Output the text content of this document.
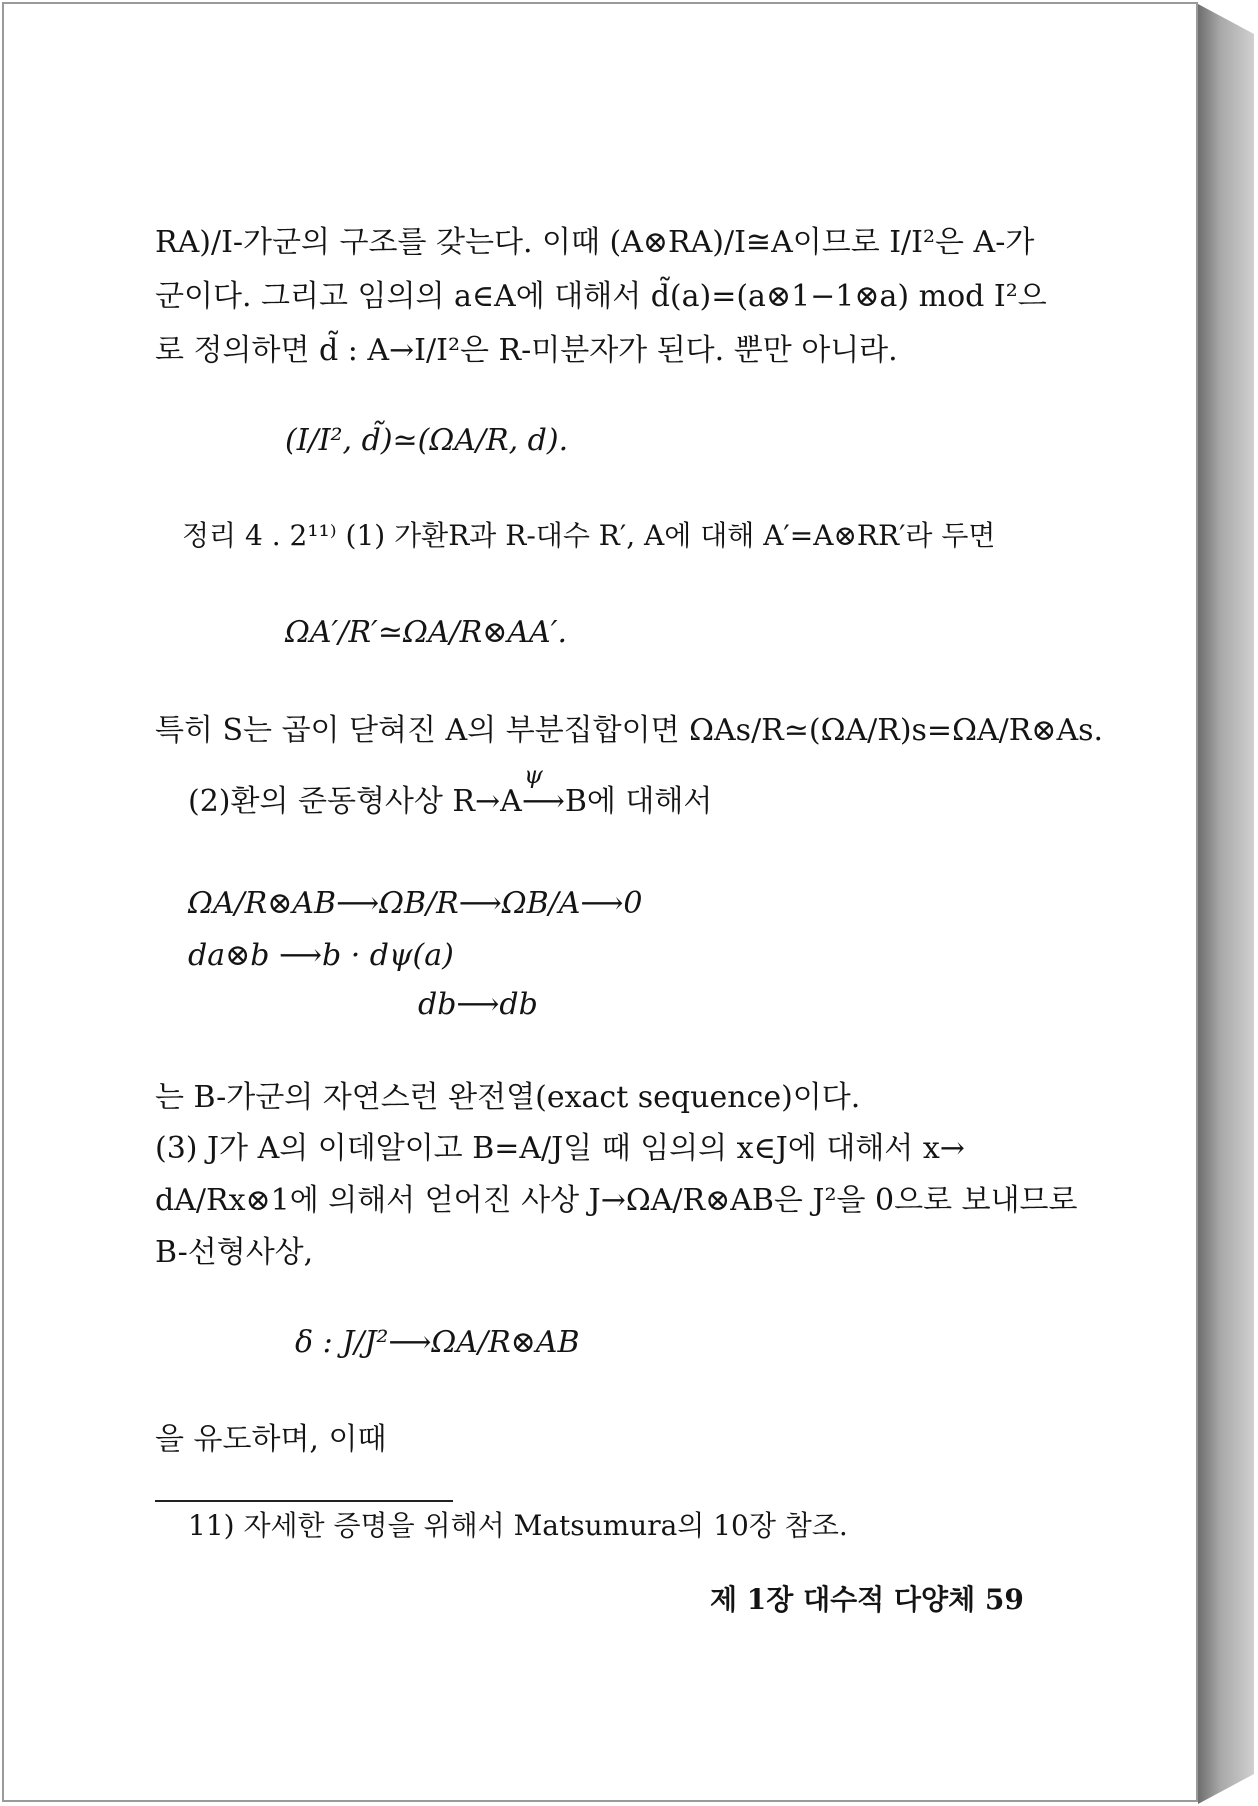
RA)/I-가군의 구조를 갖는다. 이때 (A⊗RA)/I≅A이므로 I/I²은 A-가
군이다. 그리고 임의의 a∈A에 대해서 d̃(a)=(a⊗1−1⊗a) mod I²으
로 정의하면 d̃ : A→I/I²은 R-미분자가 된다. 뿐만 아니라.
(I/I², d̃)≃(ΩA/R, d).
정리 4 . 2¹¹⁾ (1) 가환R과 R-대수 R′, A에 대해 A′=A⊗RR′라 두면
ΩA′/R′≃ΩA/R⊗AA′.
특히 S는 곱이 닫혀진 A의 부분집합이면 ΩAs/R≃(ΩA/R)s=ΩA/R⊗As.
ψ
(2)환의 준동형사상 R→A⟶B에 대해서
ΩA/R⊗AB⟶ΩB/R⟶ΩB/A⟶0
da⊗b ⟶b · dψ(a)
db⟶db
는 B-가군의 자연스런 완전열(exact sequence)이다.
(3) J가 A의 이데알이고 B=A/J일 때 임의의 x∈J에 대해서 x→
dA/Rx⊗1에 의해서 얻어진 사상 J→ΩA/R⊗AB은 J²을 0으로 보내므로
B-선형사상,
δ : J/J²⟶ΩA/R⊗AB
을 유도하며, 이때
11) 자세한 증명을 위해서 Matsumura의 10장 참조.
제 1장 대수적 다양체 59
